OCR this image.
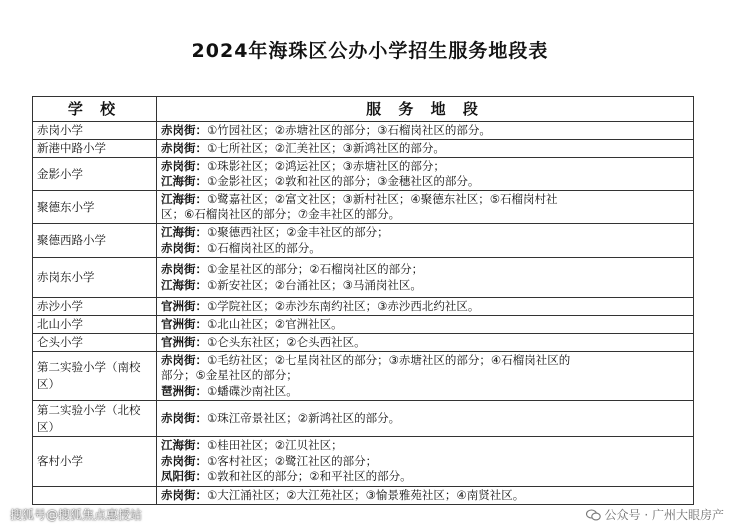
2024年海珠区公办小学招生服务地段表
学 校	服 务 地 段
赤岗小学	赤岗街：①竹园社区；②赤塘社区的部分；③石榴岗社区的部分。

新港中路小学	赤岗街：①七所社区；②汇美社区；③新鸿社区的部分。

金影小学	赤岗街：①珠影社区；②鸿运社区；③赤塘社区的部分；
江海街：①金影社区；②敦和社区的部分；③金穗社区的部分。

聚德东小学	江海街：①鹭嘉社区；②富文社区；③新村社区；④聚德东社区；⑤石榴岗村社
区；⑥石榴岗社区的部分；⑦金丰社区的部分。

聚德西路小学	江海街：①聚德西社区；②金丰社区的部分；
赤岗街：①石榴岗社区的部分。

赤岗东小学	赤岗街：①金星社区的部分；②石榴岗社区的部分；
江海街：①新安社区；②台涌社区；③马涌岗社区。

赤沙小学	官洲街：①学院社区；②赤沙东南约社区；③赤沙西北约社区。

北山小学	官洲街：①北山社区；②官洲社区。

仑头小学	官洲街：①仑头东社区；②仑头西社区。

第二实验小学（南校区）	赤岗街：①毛纺社区；②七星岗社区的部分；③赤塘社区的部分；④石榴岗社区的
部分；⑤金星社区的部分；
琶洲街：①蟠碟沙南社区。

第二实验小学（北校区）	赤岗街：①珠江帝景社区；②新鸿社区的部分。

客村小学	江海街：①桂田社区；②江贝社区；
赤岗街：①客村社区；②鹭江社区的部分；
凤阳街：①敦和社区的部分；②和平社区的部分。

	赤岗街：①大江涌社区；②大江苑社区；③愉景雅苑社区；④南贤社区。
搜狐号@搜狐焦点惠授站	公众号 · 广州大眼房产
